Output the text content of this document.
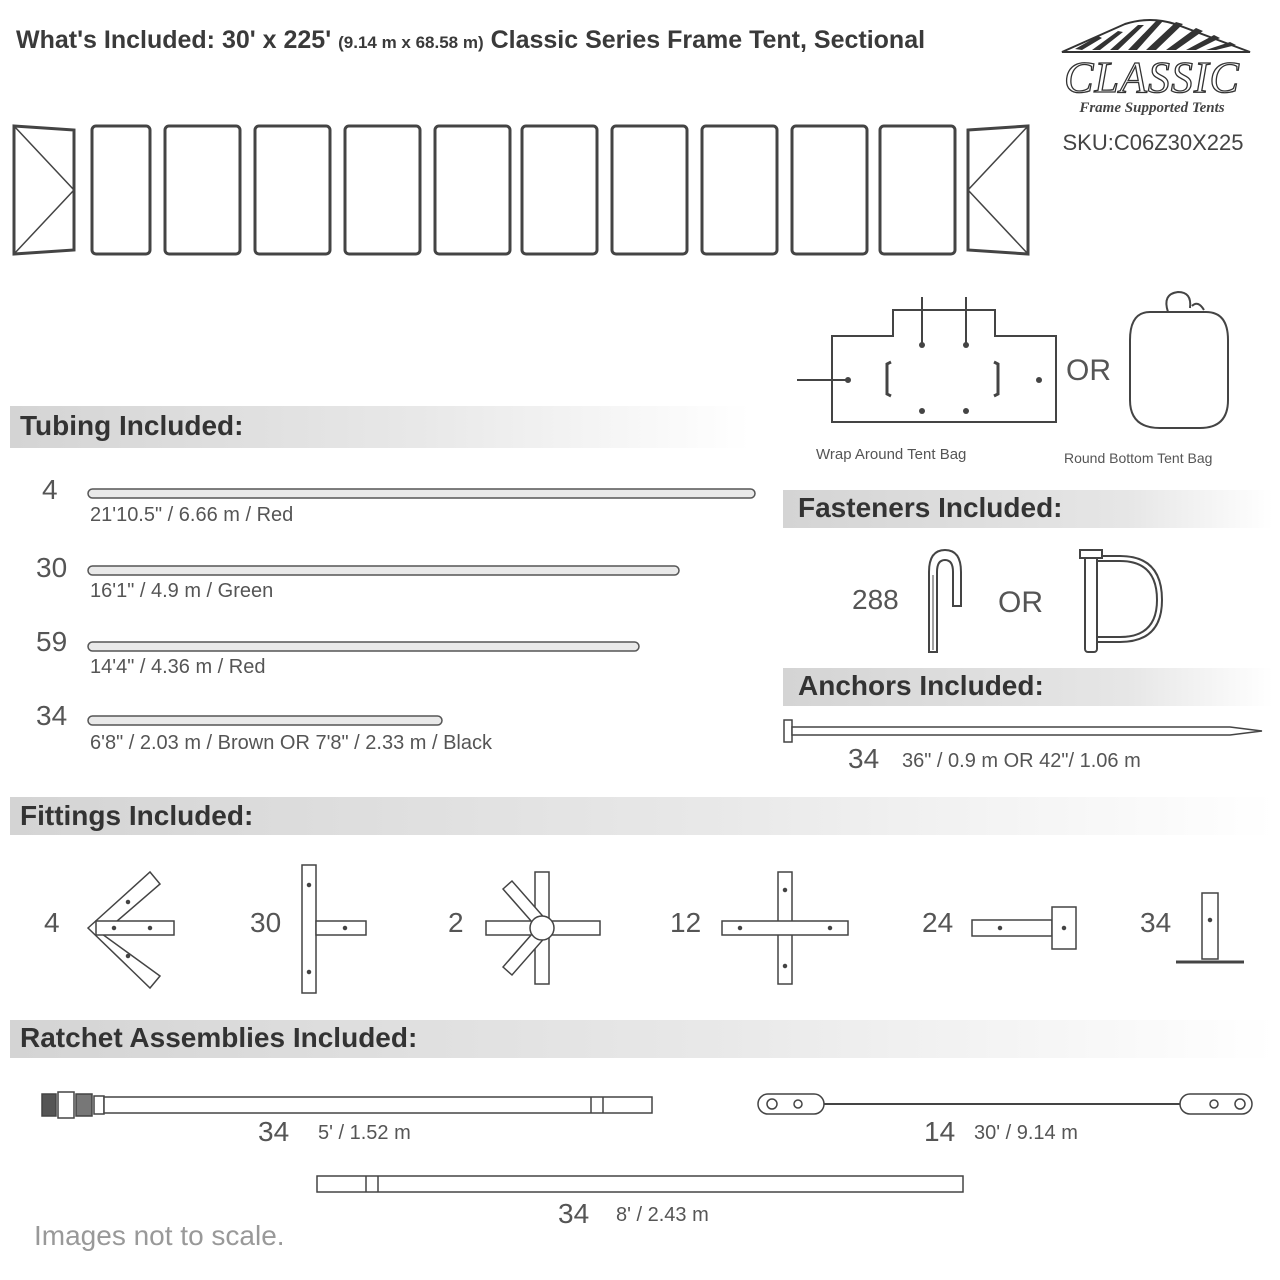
What's Included: 30' x 225' (9.14 m x 68.58 m) Classic Series Frame Tent, Sectional
CLASSIC
Frame Supported Tents
SKU:C06Z30X225
Wrap Around Tent Bag
OR
Round Bottom Tent Bag
Tubing Included:
4
21'10.5" / 6.66 m / Red
30
16'1" / 4.9 m / Green
59
14'4" / 4.36 m / Red
34
6'8" / 2.03 m / Brown OR 7'8" / 2.33 m / Black
Fasteners Included:
288	OR
Anchors Included:
34 36" / 0.9 m OR 42"/ 1.06 m
Fittings Included:
4	30	2	12	24	34
Ratchet Assemblies Included:
34 5' / 1.52 m	14 30' / 9.14 m
34 8' / 2.43 m
Images not to scale.
